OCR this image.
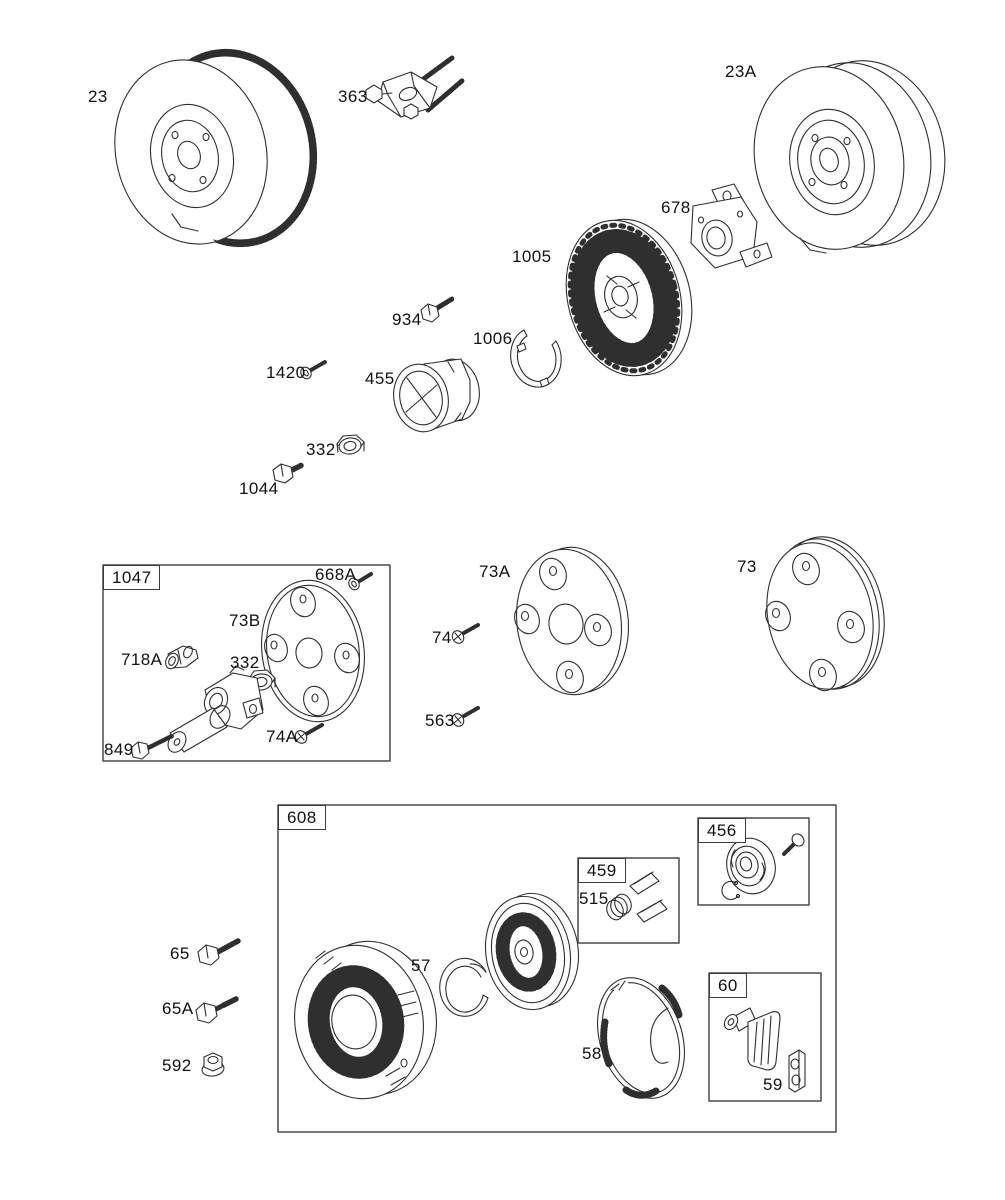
23	363
23A
678
1005
934
1006
1420	455
332
1044
1047	668A
73B
718A	332
849
74A
73A
74
563
73
608
456
459
515
57
58
60
59
65
65A
592
